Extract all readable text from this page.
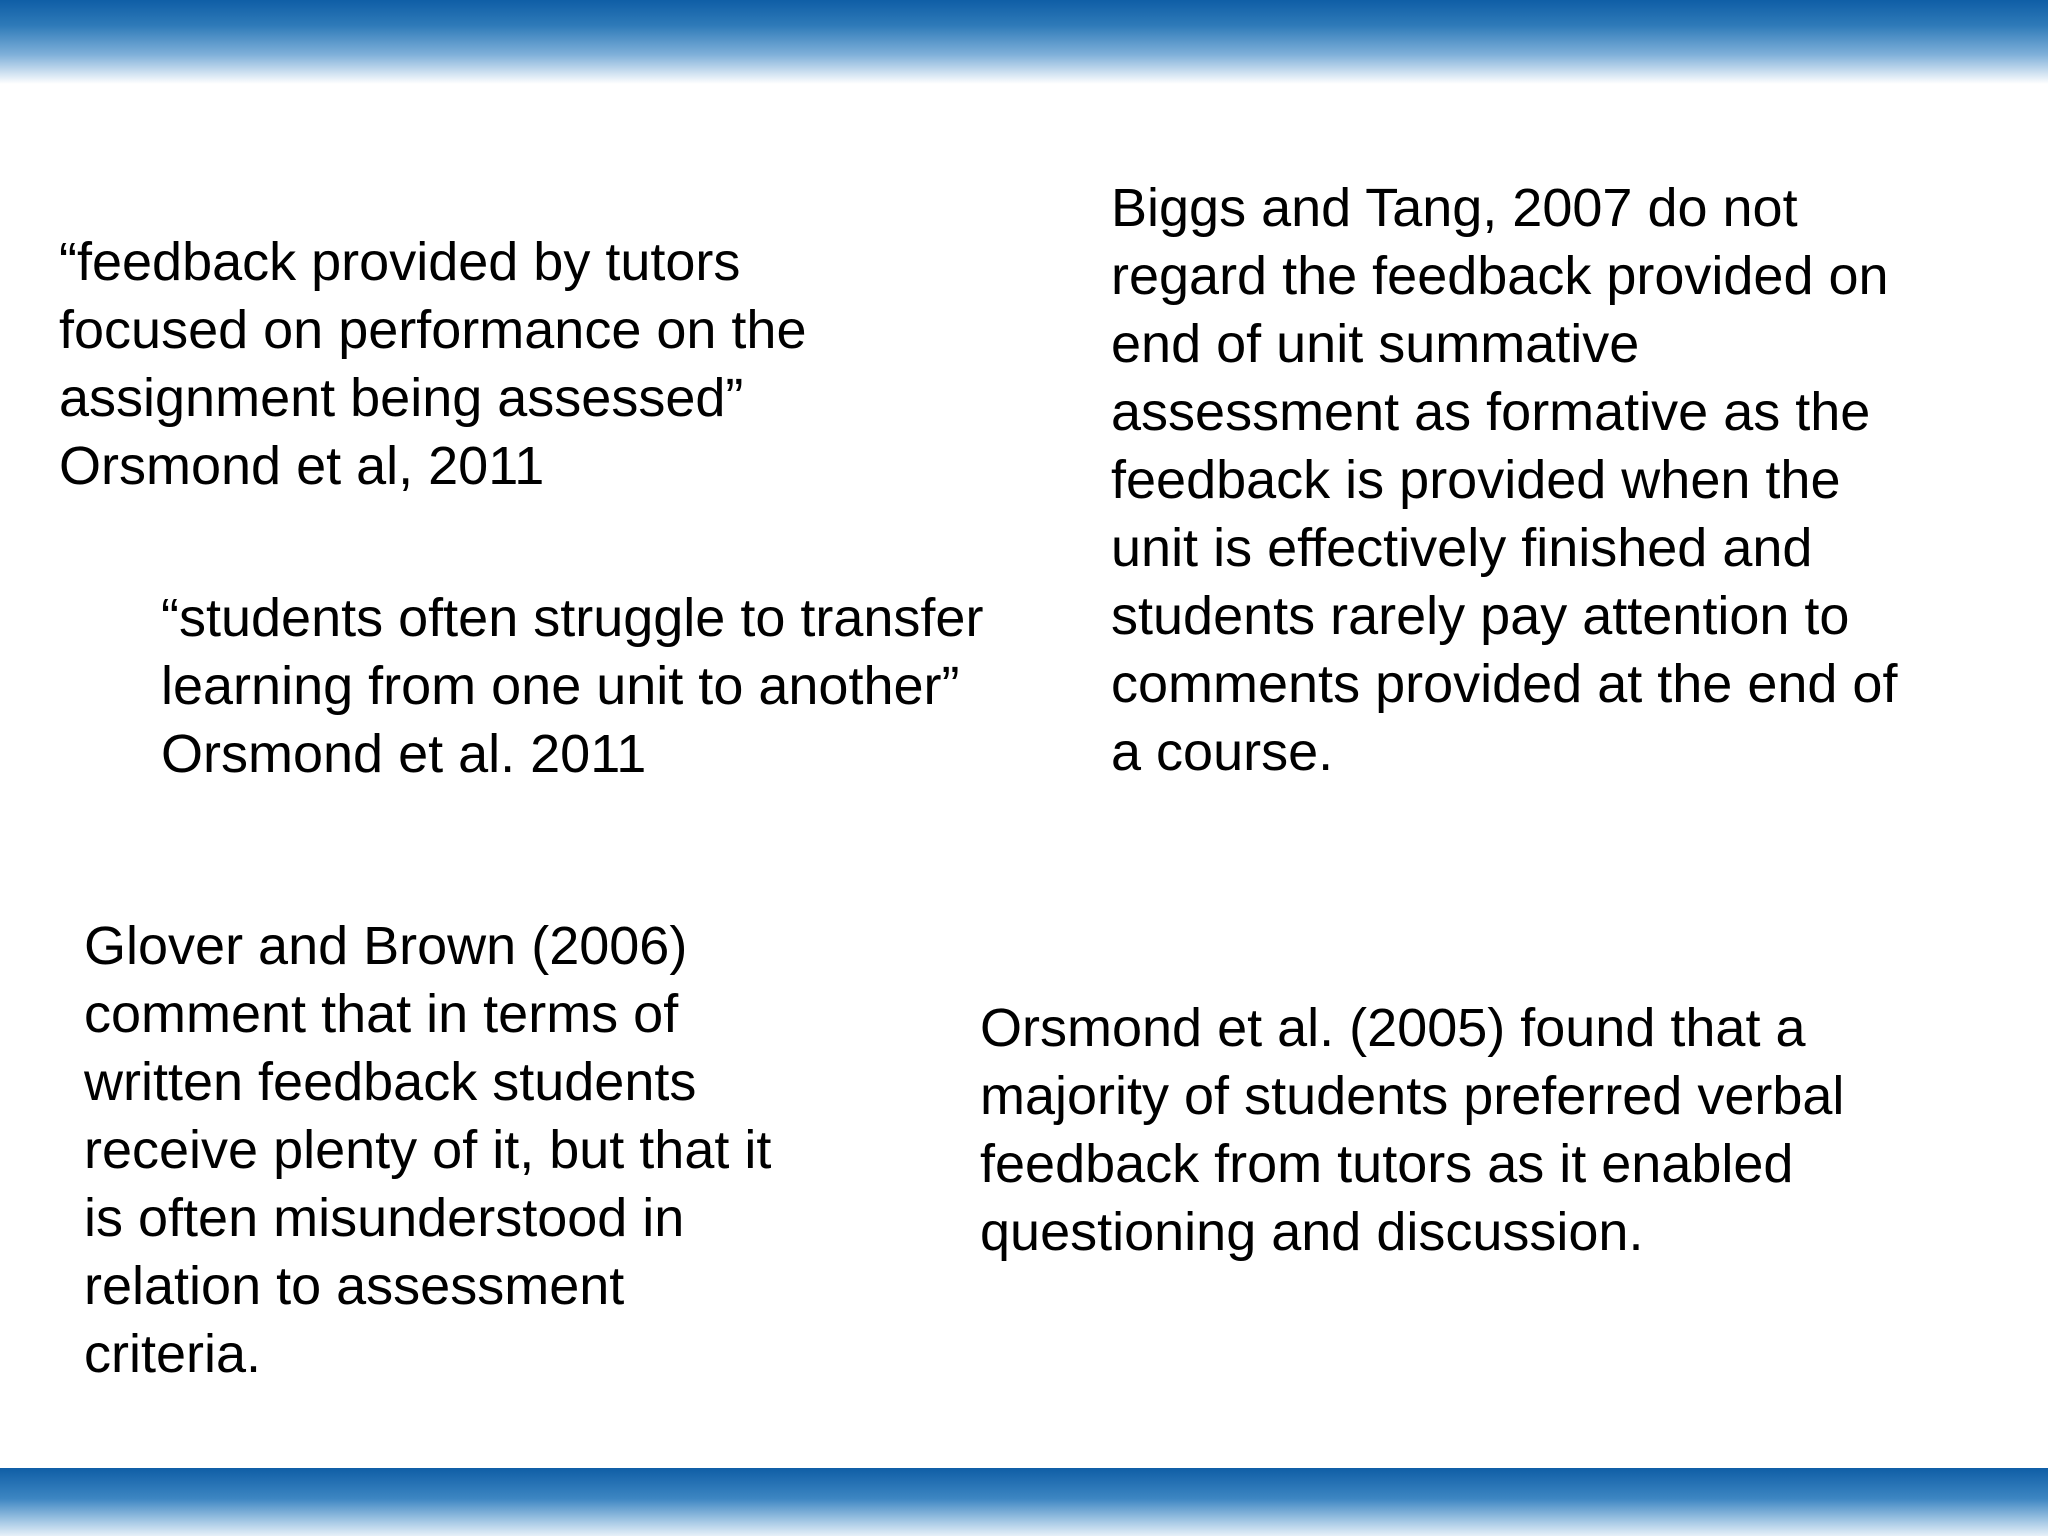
“feedback provided by tutors
focused on performance on the
assignment being assessed”
Orsmond et al, 2011
“students often struggle to transfer
learning from one unit to another”
Orsmond et al. 2011
Biggs and Tang, 2007 do not
regard the feedback provided on
end of unit summative
assessment as formative as the
feedback is provided when the
unit is effectively finished and
students rarely pay attention to
comments provided at the end of
a course.
Glover and Brown (2006)
comment that in terms of
written feedback students
receive plenty of it, but that it
is often misunderstood in
relation to assessment
criteria.
Orsmond et al. (2005) found that a
majority of students preferred verbal
feedback from tutors as it enabled
questioning and discussion.
